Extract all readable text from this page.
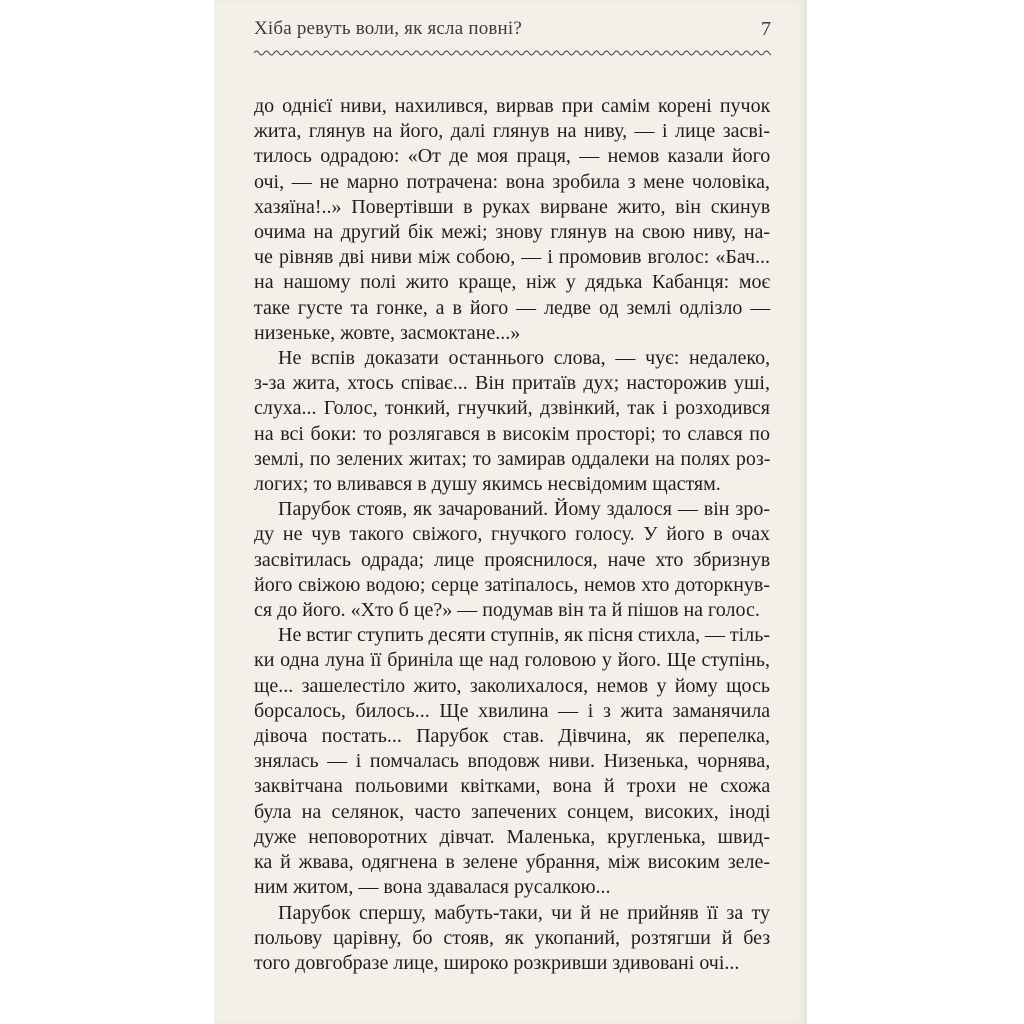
Хіба ревуть воли, як ясла повні?	7
до однієї ниви, нахилився, вирвав при самім корені пучок
жита, глянув на його, далі глянув на ниву, — і лице засві-
тилось одрадою: «От де моя праця, — немов казали його
очі, — не марно потрачена: вона зробила з мене чоловіка,
хазяїна!..» Повертівши в руках вирване жито, він скинув
очима на другий бік межі; знову глянув на свою ниву, на-
че рівняв дві ниви між собою, — і промовив вголос: «Бач...
на нашому полі жито краще, ніж у дядька Кабанця: моє
таке густе та гонке, а в його — ледве од землі одлізло —
низеньке, жовте, засмоктане...»
Не вспів доказати останнього слова, — чує: недалеко,
з-за жита, хтось співає... Він притаїв дух; насторожив уші,
слуха... Голос, тонкий, гнучкий, дзвінкий, так і розходився
на всі боки: то розлягався в високім просторі; то слався по
землі, по зелених житах; то замирав оддалеки на полях роз-
логих; то вливався в душу якимсь несвідомим щастям.
Парубок стояв, як зачарований. Йому здалося — він зро-
ду не чув такого свіжого, гнучкого голосу. У його в очах
засвітилась одрада; лице прояснилося, наче хто збризнув
його свіжою водою; серце затіпалось, немов хто доторкнув-
ся до його. «Хто б це?» — подумав він та й пішов на голос.
Не встиг ступить десяти ступнів, як пісня стихла, — тіль-
ки одна луна її бриніла ще над головою у його. Ще ступінь,
ще... зашелестіло жито, заколихалося, немов у йому щось
борсалось, билось... Ще хвилина — і з жита заманячила
дівоча постать... Парубок став. Дівчина, як перепелка,
знялась — і помчалась вподовж ниви. Низенька, чорнява,
заквітчана польовими квітками, вона й трохи не схожа
була на селянок, часто запечених сонцем, високих, іноді
дуже неповоротних дівчат. Маленька, кругленька, швид-
ка й жвава, одягнена в зелене убрання, між високим зеле-
ним житом, — вона здавалася русалкою...
Парубок спершу, мабуть-таки, чи й не прийняв її за ту
польову царівну, бо стояв, як укопаний, розтягши й без
того довгобразе лице, широко розкривши здивовані очі...
